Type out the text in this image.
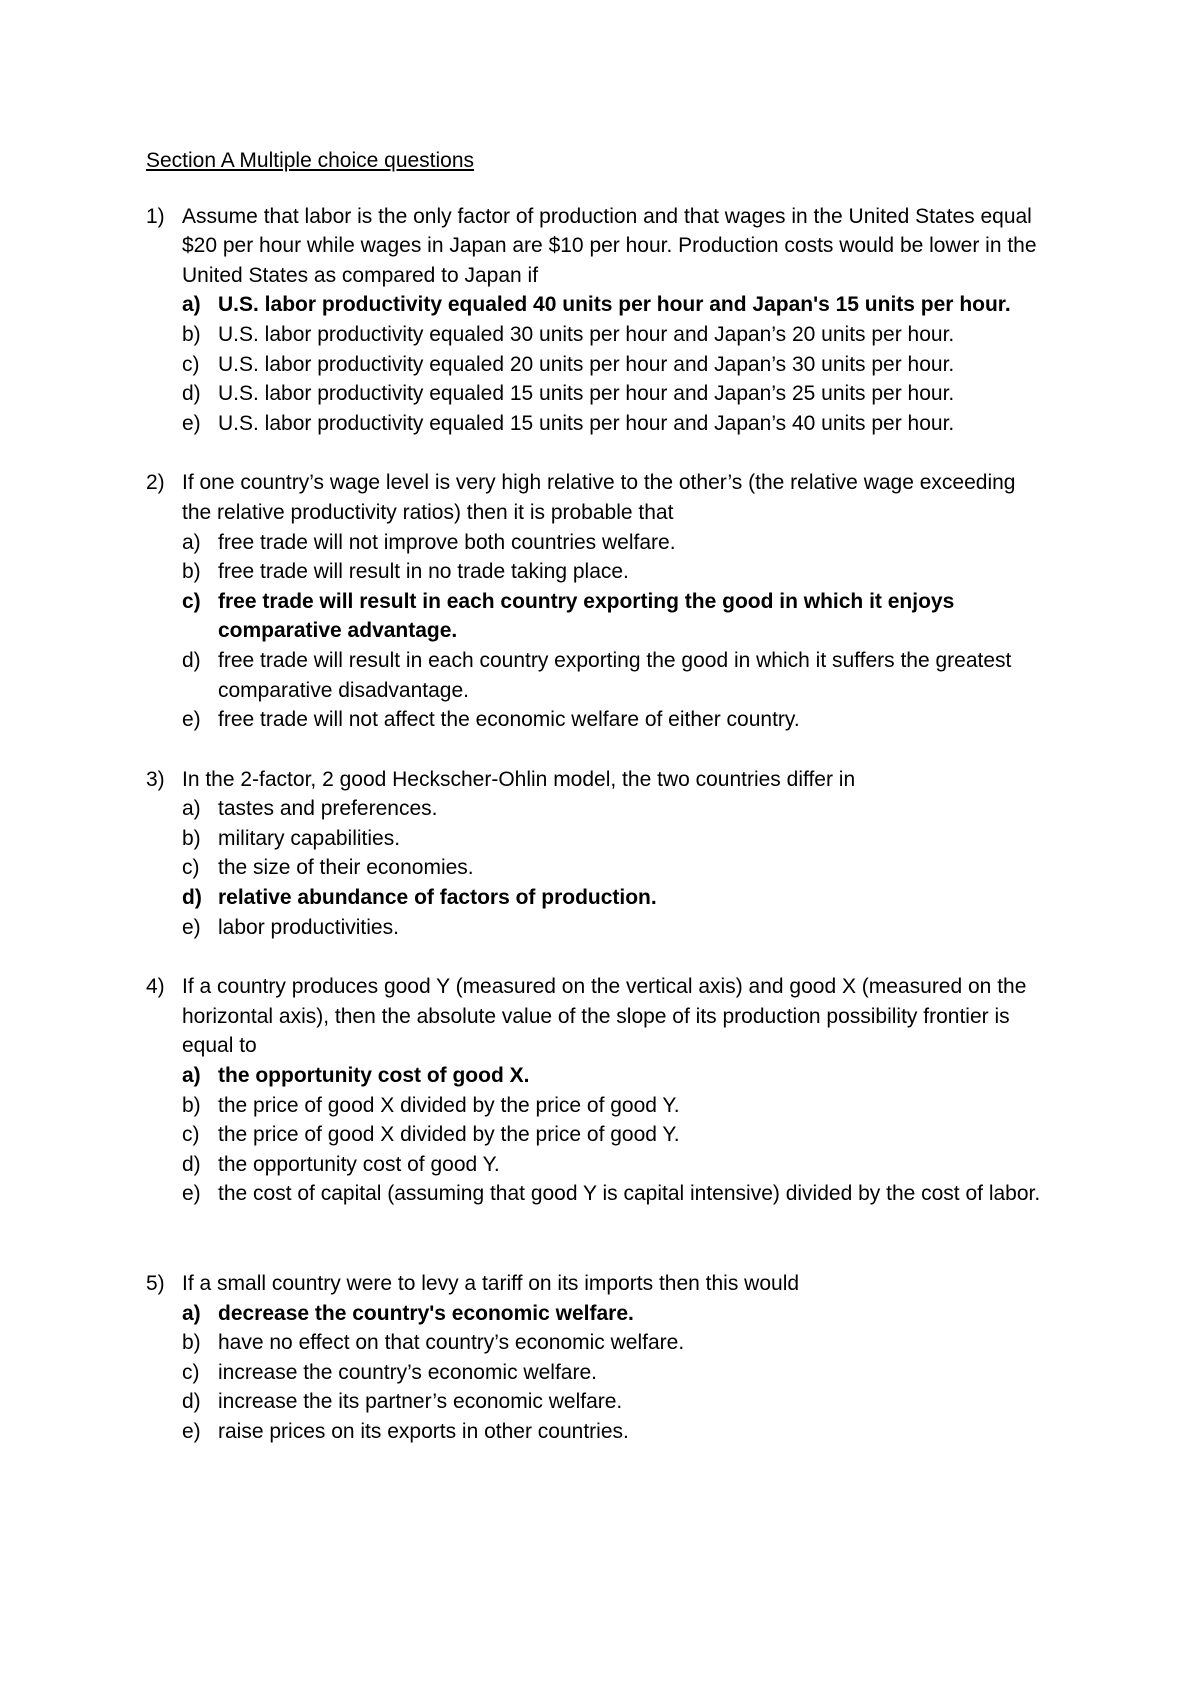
Section A Multiple choice questions
1) Assume that labor is the only factor of production and that wages in the United States equal $20 per hour while wages in Japan are $10 per hour. Production costs would be lower in the United States as compared to Japan if
a) U.S. labor productivity equaled 40 units per hour and Japan's 15 units per hour.
b) U.S. labor productivity equaled 30 units per hour and Japan’s 20 units per hour.
c) U.S. labor productivity equaled 20 units per hour and Japan’s 30 units per hour.
d) U.S. labor productivity equaled 15 units per hour and Japan’s 25 units per hour.
e) U.S. labor productivity equaled 15 units per hour and Japan’s 40 units per hour.
2) If one country’s wage level is very high relative to the other’s (the relative wage exceeding the relative productivity ratios) then it is probable that
a) free trade will not improve both countries welfare.
b) free trade will result in no trade taking place.
c) free trade will result in each country exporting the good in which it enjoys comparative advantage.
d) free trade will result in each country exporting the good in which it suffers the greatest comparative disadvantage.
e) free trade will not affect the economic welfare of either country.
3) In the 2-factor, 2 good Heckscher-Ohlin model, the two countries differ in
a) tastes and preferences.
b) military capabilities.
c) the size of their economies.
d) relative abundance of factors of production.
e) labor productivities.
4) If a country produces good Y (measured on the vertical axis) and good X (measured on the horizontal axis), then the absolute value of the slope of its production possibility frontier is equal to
a) the opportunity cost of good X.
b) the price of good X divided by the price of good Y.
c) the price of good X divided by the price of good Y.
d) the opportunity cost of good Y.
e) the cost of capital (assuming that good Y is capital intensive) divided by the cost of labor.
5) If a small country were to levy a tariff on its imports then this would
a) decrease the country's economic welfare.
b) have no effect on that country’s economic welfare.
c) increase the country’s economic welfare.
d) increase the its partner’s economic welfare.
e) raise prices on its exports in other countries.
